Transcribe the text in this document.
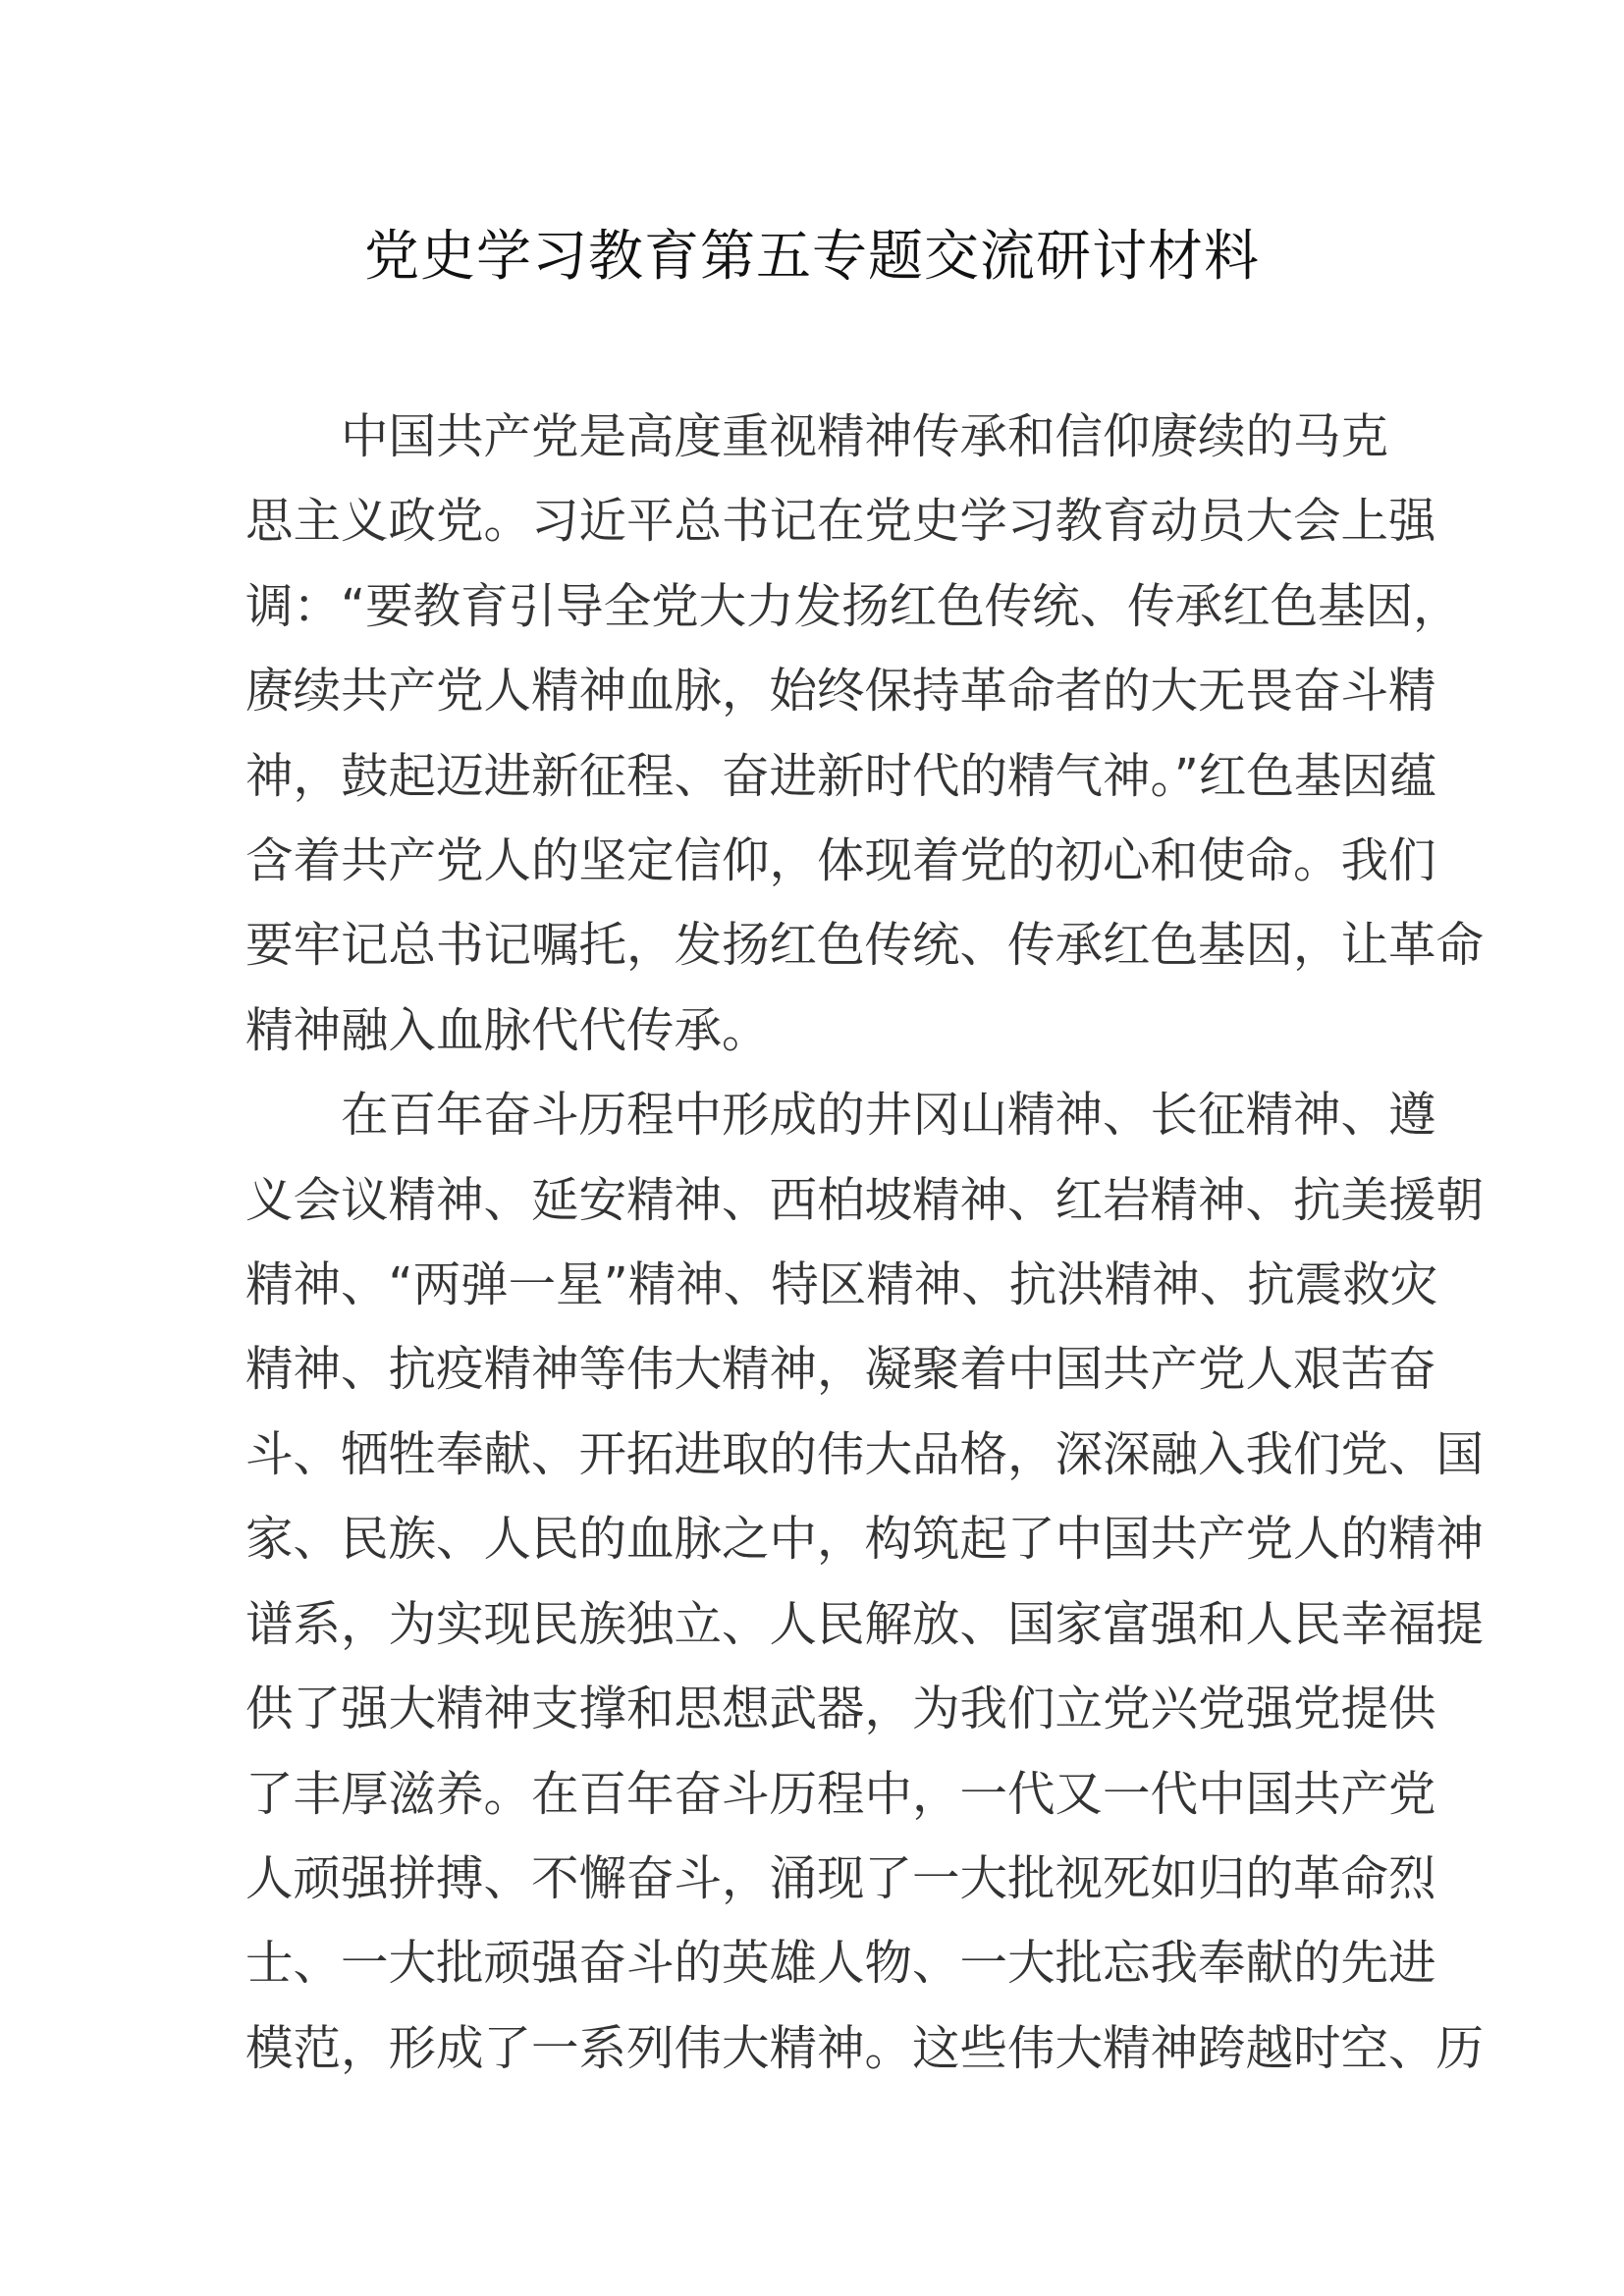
党史学习教育第五专题交流研讨材料

中国共产党是高度重视精神传承和信仰赓续的马克
思主义政党。习近平总书记在党史学习教育动员大会上强
调：“要教育引导全党大力发扬红色传统、传承红色基因，
赓续共产党人精神血脉，始终保持革命者的大无畏奋斗精
神，鼓起迈进新征程、奋进新时代的精气神。”红色基因蕴
含着共产党人的坚定信仰，体现着党的初心和使命。我们
要牢记总书记嘱托，发扬红色传统、传承红色基因，让革命
精神融入血脉代代传承。

在百年奋斗历程中形成的井冈山精神、长征精神、遵
义会议精神、延安精神、西柏坡精神、红岩精神、抗美援朝
精神、“两弹一星”精神、特区精神、抗洪精神、抗震救灾
精神、抗疫精神等伟大精神，凝聚着中国共产党人艰苦奋
斗、牺牲奉献、开拓进取的伟大品格，深深融入我们党、国
家、民族、人民的血脉之中，构筑起了中国共产党人的精神
谱系，为实现民族独立、人民解放、国家富强和人民幸福提
供了强大精神支撑和思想武器，为我们立党兴党强党提供
了丰厚滋养。在百年奋斗历程中，一代又一代中国共产党
人顽强拼搏、不懈奋斗，涌现了一大批视死如归的革命烈
士、一大批顽强奋斗的英雄人物、一大批忘我奉献的先进
模范，形成了一系列伟大精神。这些伟大精神跨越时空、历
